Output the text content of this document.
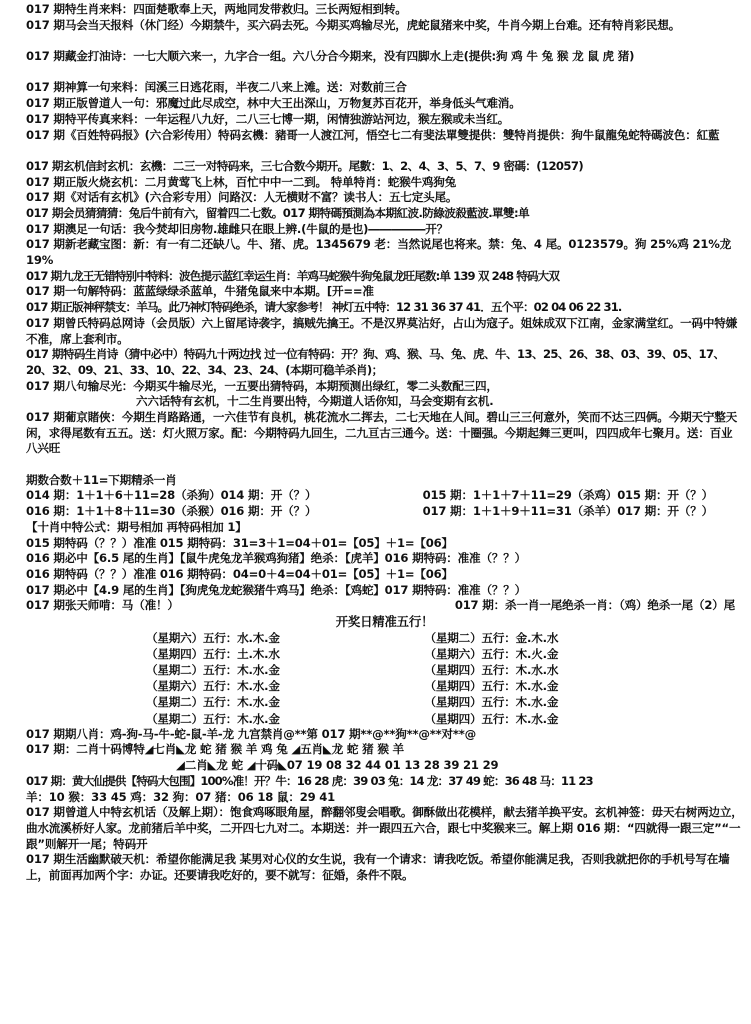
017 期特生肖来料：四面楚歌奉上天，两地同发带救归。三长两短相到转。
017 期马会当天报料（休门经）今期禁牛，买六码去死。今期买鸡输尽光，虎蛇鼠猪来中奖，牛肖今期上台难。还有特肖彩民想。
017 期藏金打油诗：一七大顺六来一，九字合一组。六八分合今期来，没有四脚水上走(提供:狗 鸡 牛 兔 猴 龙 鼠 虎 猪)
017 期神算一句来料：闰溪三日逃花雨，半夜二八来上滩。送：对数前三合
017 期正版曾道人一句：邪魔过此尽成空，林中大王出深山，万物复苏百花开，举身低头气难消。
017 期特平传真来料：一年运程八九好，二八三七博一期，闲情独游站河边，猴左猴或未当红。
017 期《百姓特码报》(六合彩传用）特码玄機：豬哥一人渡江河，悟空七二有斐法單雙提供：雙特肖提供：狗牛鼠龍兔蛇特碼波色：紅藍
017 期玄机信封玄机：玄機：二三一对特码来，三七合数今期开。尾數：1、2、4、3、5、7、9 密碼：(12057)
017 期正版火烧玄机：二月黄莺飞上林，百忙中中一二到。 特单特肖：蛇猴牛鸡狗兔
017 期《对话有玄机》(六合彩专用）问路汉：人无横财不富？读书人：五七定头尾。
017 期会员猜猜猜：兔后牛前有六，留着四二七数。017 期特碼預測為本期紅波.防綠波殺藍波.單雙:单
017 期澳足一句话：我今焚却旧房物.雄雌只在眼上辨.(牛鼠的是也)―――――开？
017 期新老藏宝图：新：有一有二还缺八。牛、猪、虎。1345679 老：当然说尾也将来。禁：兔、4 尾。0123579。狗 25%鸡 21%龙 19%
017 期九龙王无错特别中特料：波色提示蓝红幸运生肖：羊鸡马蛇猴牛狗兔鼠龙旺尾数:单 139 双 248 特码大双
017 期一句解特码：蓝蓝绿绿杀蓝单，牛猪兔鼠来中本期。[开==准
017 期正版神秤禁支：羊马。此乃神灯特码绝杀，请大家参考！ 神灯五中特：12 31 36 37 41．五个平：02 04 06 22 31.
017 期曾氏特码总网诗（会员版）六上留尾诗袭字，搞贼先擒王。不是汉界莫沾好，占山为寇子。姐妹成双下江南，金家满堂红。一码中特嫌不准，席上套利市。
017 期特码生肖诗（猜中必中）特码九十两边找 过一位有特码：开？狗、鸡、猴、马、兔、虎、牛、13、25、26、38、03、39、05、17、20、32、09、21、33、10、22、34、23、24、(本期可稳羊杀肖)；
017 期八句输尽光：今期买牛输尽光，一五要出猜特码，本期预测出绿红，零二头数配三四，
六六话特有玄机，十二生肖要出特，今期道人话你知，马会变期有玄机.
017 期葡京賭俠：今期生肖路路通，一六佳节有良机，桃花流水二挥去，二七天地在人间。碧山三三何意外，笑而不达三四俩。今期天宁整天闲，求得尾数有五五。送：灯火照万家。配：今期特码九回生，二九亘古三通今。送：十圈强。今期起舞三更叫，四四成年七聚月。送：百业八兴旺
期数合数＋11=下期精杀一肖
014 期：1＋1＋6＋11=28（杀狗）014 期：开（？）	015 期：1＋1＋7＋11=29（杀鸡）015 期：开（？）
016 期：1＋1＋8＋11=30（杀猴）016 期：开（？）	017 期：1＋1＋9＋11=31（杀羊）017 期：开（？）
【十肖中特公式：期号相加 再特码相加 1】
015 期特码（？？）准准 015 期特码：31=3＋1=04＋01=【05】＋1=【06】
016 期必中【6.5 尾的生肖】【鼠牛虎兔龙羊猴鸡狗猪】绝杀：【虎羊】016 期特码：准准（？？）
016 期特码（？？）准准 016 期特码：04=0＋4=04＋01=【05】＋1=【06】
017 期必中【4.9 尾的生肖】【狗虎兔龙蛇猴猪牛鸡马】绝杀：【鸡蛇】017 期特码：准准（？？）
017 期张天师啃：马（准！）	017 期：杀一肖一尾绝杀一肖：（鸡）绝杀一尾（2）尾
开奖日精准五行！
（星期六）五行：水.木.金	（星期二）五行：金.木.水
（星期四）五行：土.木.水	（星期六）五行：木.火.金
（星期二）五行：木.水.金	（星期四）五行：木.水.水
（星期六）五行：木.水.金	（星期四）五行：木.水.金
（星期二）五行：木.水.金	（星期四）五行：木.水.金
（星期二）五行：木.水.金	（星期四）五行：木.水.金
017 期期八肖：鸡-狗-马-牛-蛇-鼠-羊-龙 九宫禁肖@**第 017 期**@**狗**@**对**@
017 期：二肖十码博特◢七肖◣龙 蛇 猪 猴 羊 鸡 兔 ◢五肖◣龙 蛇 猪 猴 羊
◢二肖◣龙 蛇 ◢十码◣07 19 08 32 44 01 13 28 39 21 29
017 期：黄大仙提供【特码大包围】100%准！开？牛：16 28 虎：39 03 兔：14 龙：37 49 蛇：36 48 马：11 23
羊：10 猴：33 45 鸡：32 狗：07 猪：06 18 鼠：29 41
017 期曾道人中特玄机话（及解上期）：饱食鸡啄眼角屋，醉翻邻叟会唱歌。御酥做出花模样，献去猪羊换平安。玄机神签：毋天右树两边立，曲水流溪桥好人家。龙前猪后羊中奖，二开四七九对二。本期送：并一跟四五六合，跟七中奖猴来三。解上期 016 期：“四就得一跟三定”“一跟”则解开一尾；特码开
017 期生活幽默破天机：希望你能满足我 某男对心仪的女生说，我有一个请求：请我吃饭。希望你能满足我，否则我就把你的手机号写在墙上，前面再加两个字：办证。还要请我吃好的，要不就写：征婚，条件不限。
